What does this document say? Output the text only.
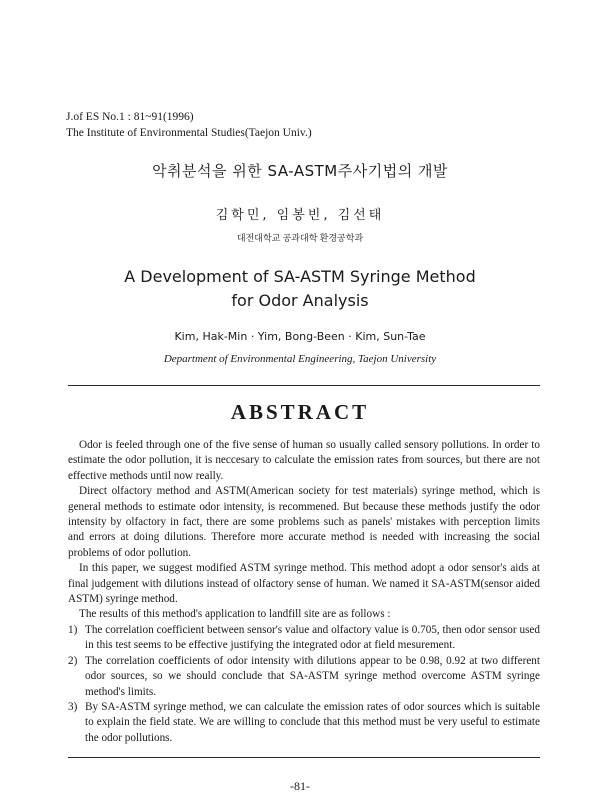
J.of ES No.1 : 81~91(1996)
The Institute of Environmental Studies(Taejon Univ.)
악취분석을 위한 SA-ASTM주사기법의 개발
김학민, 임봉빈, 김선태
대전대학교 공과대학 환경공학과
A Development of SA-ASTM Syringe Method
for Odor Analysis
Kim, Hak-Min · Yim, Bong-Been · Kim, Sun-Tae
Department of Environmental Engineering, Taejon University
ABSTRACT

Odor is feeled through one of the five sense of human so usually called sensory pollutions. In order to estimate the odor pollution, it is neccesary to calculate the emission rates from sources, but there are not effective methods until now really.

Direct olfactory method and ASTM(American society for test materials) syringe method, which is general methods to estimate odor intensity, is recommened. But because these methods justify the odor intensity by olfactory in fact, there are some problems such as panels' mistakes with perception limits and errors at doing dilutions. Therefore more accurate method is needed with increasing the social problems of odor pollution.

In this paper, we suggest modified ASTM syringe method. This method adopt a odor sensor's aids at final judgement with dilutions instead of olfactory sense of human. We named it SA-ASTM(sensor aided ASTM) syringe method.

The results of this method's application to landfill site are as follows :

1) The correlation coefficient between sensor's value and olfactory value is 0.705, then odor sensor used in this test seems to be effective justifying the integrated odor at field mesurement.
2) The correlation coefficients of odor intensity with dilutions appear to be 0.98, 0.92 at two different odor sources, so we should conclude that SA-ASTM syringe method overcome ASTM syringe method's limits.
3) By SA-ASTM syringe method, we can calculate the emission rates of odor sources which is suitable to explain the field state. We are willing to conclude that this method must be very useful to estimate the odor pollutions.
-81-
